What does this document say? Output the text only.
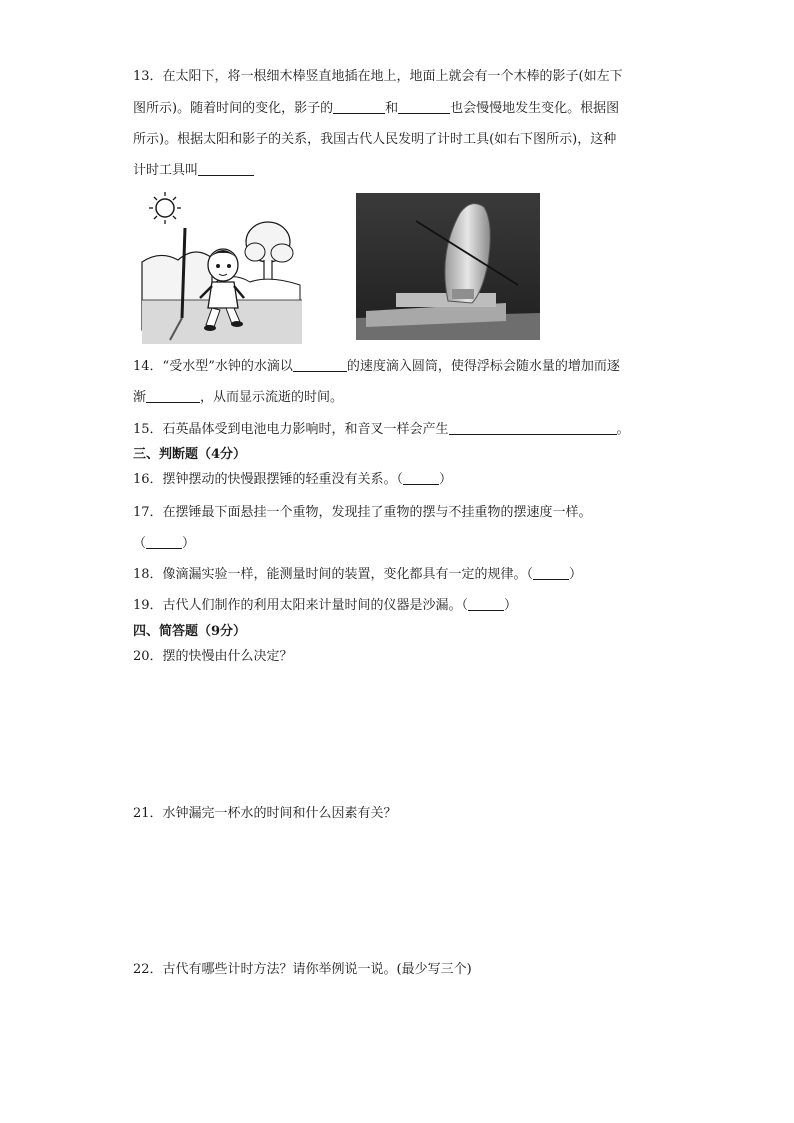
13．在太阳下，将一根细木棒竖直地插在地上，地面上就会有一个木棒的影子(如左下
图所示)。随着时间的变化，影子的	和	也会慢慢地发生变化。根据图
所示)。根据太阳和影子的关系，我国古代人民发明了计时工具(如右下图所示)，这种
计时工具叫
14．“受水型”水钟的水滴以	的速度滴入圆筒，使得浮标会随水量的增加而逐
渐	，从而显示流逝的时间。
15．石英晶体受到电池电力影响时，和音叉一样会产生	。
三、判断题（4分）
16．摆钟摆动的快慢跟摆锤的轻重没有关系。（	）
17．在摆锤最下面悬挂一个重物，发现挂了重物的摆与不挂重物的摆速度一样。
（	）
18．像滴漏实验一样，能测量时间的装置，变化都具有一定的规律。（	）
19．古代人们制作的利用太阳来计量时间的仪器是沙漏。（	）
四、简答题（9分）
20．摆的快慢由什么决定？
21．水钟漏完一杯水的时间和什么因素有关？
22．古代有哪些计时方法？请你举例说一说。(最少写三个)
